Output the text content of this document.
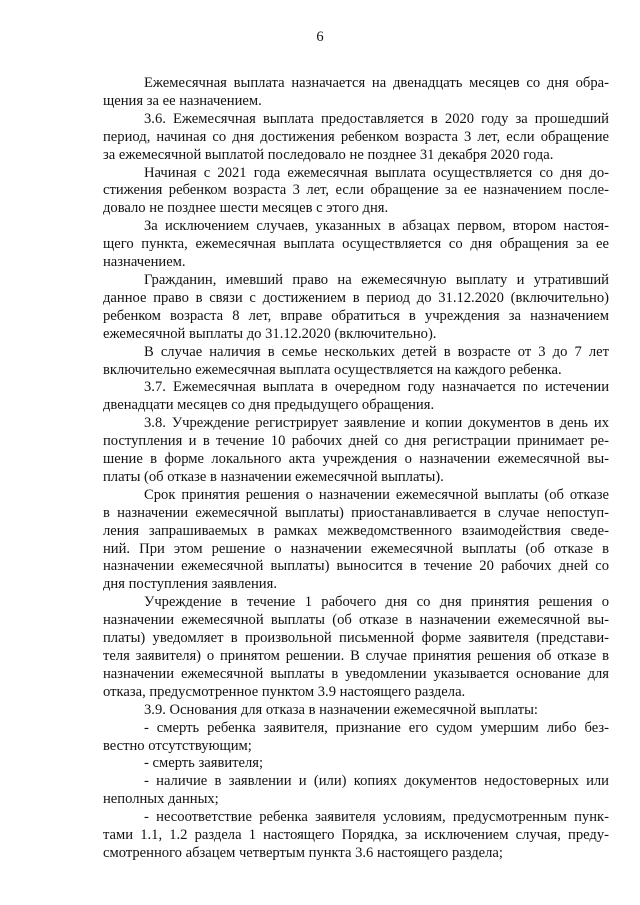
6
Ежемесячная выплата назначается на двенадцать месяцев со дня обра-
щения за ее назначением.
3.6. Ежемесячная выплата предоставляется в 2020 году за прошедший
период, начиная со дня достижения ребенком возраста 3 лет, если обращение
за ежемесячной выплатой последовало не позднее 31 декабря 2020 года.
Начиная с 2021 года ежемесячная выплата осуществляется со дня до-
стижения ребенком возраста 3 лет, если обращение за ее назначением после-
довало не позднее шести месяцев с этого дня.
За исключением случаев, указанных в абзацах первом, втором настоя-
щего пункта, ежемесячная выплата осуществляется со дня обращения за ее
назначением.
Гражданин, имевший право на ежемесячную выплату и утративший
данное право в связи с достижением в период до 31.12.2020 (включительно)
ребенком возраста 8 лет, вправе обратиться в учреждения за назначением
ежемесячной выплаты до 31.12.2020 (включительно).
В случае наличия в семье нескольких детей в возрасте от 3 до 7 лет
включительно ежемесячная выплата осуществляется на каждого ребенка.
3.7. Ежемесячная выплата в очередном году назначается по истечении
двенадцати месяцев со дня предыдущего обращения.
3.8. Учреждение регистрирует заявление и копии документов в день их
поступления и в течение 10 рабочих дней со дня регистрации принимает ре-
шение в форме локального акта учреждения о назначении ежемесячной вы-
платы (об отказе в назначении ежемесячной выплаты).
Срок принятия решения о назначении ежемесячной выплаты (об отказе
в назначении ежемесячной выплаты) приостанавливается в случае непоступ-
ления запрашиваемых в рамках межведомственного взаимодействия сведе-
ний. При этом решение о назначении ежемесячной выплаты (об отказе в
назначении ежемесячной выплаты) выносится в течение 20 рабочих дней со
дня поступления заявления.
Учреждение в течение 1 рабочего дня со дня принятия решения о
назначении ежемесячной выплаты (об отказе в назначении ежемесячной вы-
платы) уведомляет в произвольной письменной форме заявителя (представи-
теля заявителя) о принятом решении. В случае принятия решения об отказе в
назначении ежемесячной выплаты в уведомлении указывается основание для
отказа, предусмотренное пунктом 3.9 настоящего раздела.
3.9. Основания для отказа в назначении ежемесячной выплаты:
- смерть ребенка заявителя, признание его судом умершим либо без-
вестно отсутствующим;
- смерть заявителя;
- наличие в заявлении и (или) копиях документов недостоверных или
неполных данных;
- несоответствие ребенка заявителя условиям, предусмотренным пунк-
тами 1.1, 1.2 раздела 1 настоящего Порядка, за исключением случая, преду-
смотренного абзацем четвертым пункта 3.6 настоящего раздела;
